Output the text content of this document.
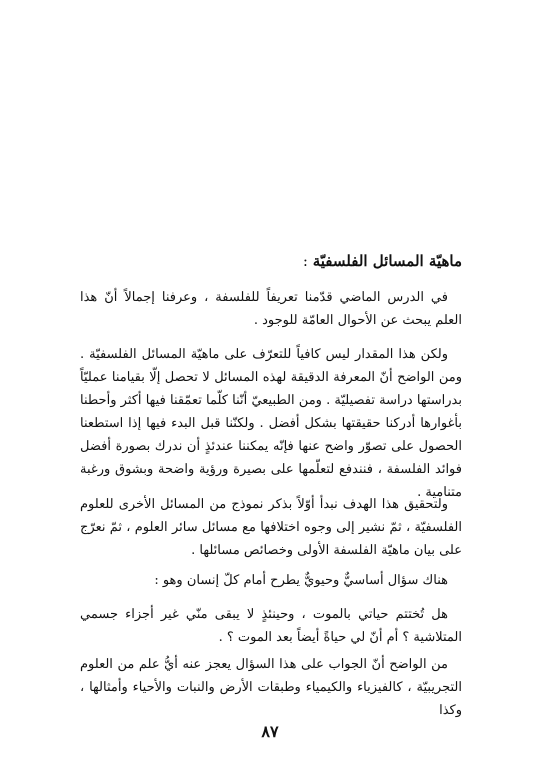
ماهيّة المسائل الفلسفيّة :

في الدرس الماضي قدّمنا تعريفاً للفلسفة ، وعرفنا إجمالاً أنّ هذا العلم يبحث عن الأحوال العامّة للوجود .

ولكن هذا المقدار ليس كافياً للتعرّف على ماهيّة المسائل الفلسفيّة . ومن الواضح أنّ المعرفة الدقيقة لهذه المسائل لا تحصل إلّا بقيامنا عمليّاً بدراستها دراسة تفصيليّة . ومن الطبيعيّ أنّنا كلّما تعمّقنا فيها أكثر وأحطنا بأغوارها أدركنا حقيقتها بشكل أفضل . ولكنّنا قبل البدء فيها إذا استطعنا الحصول على تصوّر واضح عنها فإنّه يمكننا عندئذٍ أن ندرك بصورة أفضل فوائد الفلسفة ، فنندفع لتعلّمها على بصيرة ورؤية واضحة وبشوق ورغبة متنامية .

ولتحقيق هذا الهدف نبدأ أوّلاً بذكر نموذج من المسائل الأخرى للعلوم الفلسفيّة ، ثمّ نشير إلى وجوه اختلافها مع مسائل سائر العلوم ، ثمّ نعرّج على بيان ماهيّة الفلسفة الأولى وخصائص مسائلها .

هناك سؤال أساسيٌّ وحيويٌّ يطرح أمام كلّ إنسان وهو :

هل تُختتم حياتي بالموت ، وحينئذٍ لا يبقى منّي غير أجزاء جسمي المتلاشية ؟ أم أنّ لي حياةً أيضاً بعد الموت ؟ .

من الواضح أنّ الجواب على هذا السؤال يعجز عنه أيُّ علم من العلوم التجريبيّة ، كالفيزياء والكيمياء وطبقات الأرض والنبات والأحياء وأمثالها ، وكذا

٨٧
